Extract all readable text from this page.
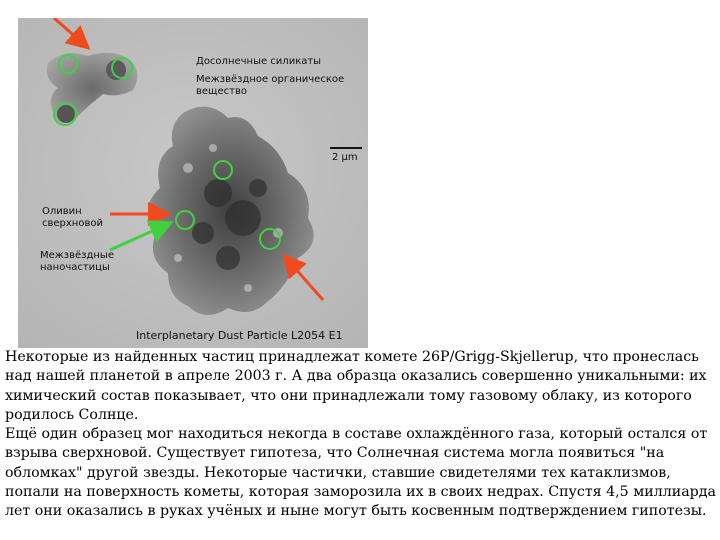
Досолнечные силикаты
Межзвёздное органическое
вещество
2 µm
Оливин
сверхновой
Межзвёздные
наночастицы
Interplanetary Dust Particle L2054 E1

Некоторые из найденных частиц принадлежат комете 26P/Grigg-Skjellerup, что пронеслась над нашей планетой в апреле 2003 г. А два образца оказались совершенно уникальными: их химический состав показывает, что они принадлежали тому газовому облаку, из которого родилось Солнце.

Ещё один образец мог находиться некогда в составе охлаждённого газа, который остался от взрыва сверхновой. Существует гипотеза, что Солнечная система могла появиться "на обломках" другой звезды. Некоторые частички, ставшие свидетелями тех катаклизмов, попали на поверхность кометы, которая заморозила их в своих недрах. Спустя 4,5 миллиарда лет они оказались в руках учёных и ныне могут быть косвенным подтверждением гипотезы.
